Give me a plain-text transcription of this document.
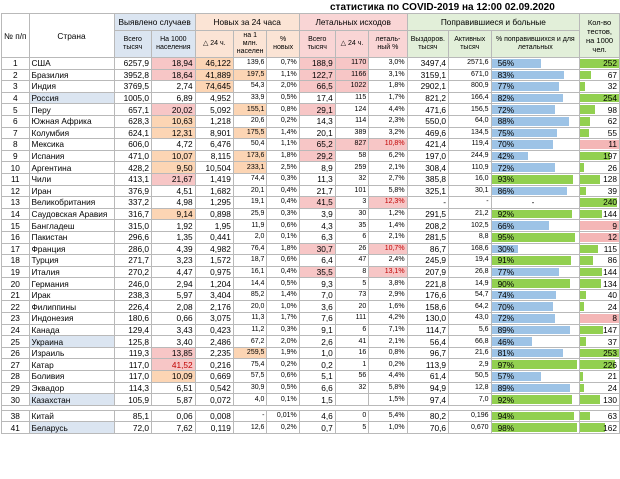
статистика по COVID-2019 на 12:00 02.09.2020
№ п/п	Страна	Выявлено случаев		Новых за 24 часа			Летальных исходов			Поправившиеся и больные			Кол-во тестов, на 1000 чел.
		Всего тысяч	На 1000 населения	△ 24 ч.	на 1 млн. населен	% новых	Всего тысяч	△ 24 ч.	леталь-ный %	Выздоров. тысяч	Активных тысяч	% поправившихся и для летальных	
1	США	6257,9	18,94	46,122	139,6	0,7%	188,9	1170	3,0%	3497,4	2571,6	56%	252

2	Бразилия	3952,8	18,64	41,889	197,5	1,1%	122,7	1166	3,1%	3159,1	671,0	83%	67

3	Индия	3769,5	2,74	74,645	54,3	2,0%	66,5	1022	1,8%	2902,1	800,9	77%	32

4	Россия	1005,0	6,89	4,952	33,9	0,5%	17,4	115	1,7%	821,2	166,4	82%	254

5	Перу	657,1	20,02	5,092	155,1	0,8%	29,1	124	4,4%	471,6	156,5	72%	98

6	Южная Африка	628,3	10,63	1,218	20,6	0,2%	14,3	114	2,3%	550,0	64,0	88%	62

7	Колумбия	624,1	12,31	8,901	175,5	1,4%	20,1	389	3,2%	469,6	134,5	75%	55

8	Мексика	606,0	4,72	6,476	50,4	1,1%	65,2	827	10,8%	421,4	119,4	70%	11

9	Испания	471,0	10,07	8,115	173,6	1,8%	29,2	58	6,2%	197,0	244,9	42%	197

10	Аргентина	428,2	9,50	10,504	233,1	2,5%	8,9	259	2,1%	308,4	110,9	72%	26

11	Чили	413,1	21,67	1,419	74,4	0,3%	11,3	32	2,7%	385,8	16,0	93%	128

12	Иран	376,9	4,51	1,682	20,1	0,4%	21,7	101	5,8%	325,1	30,1	86%	39

13	Великобритания	337,2	4,98	1,295	19,1	0,4%	41,5	3	12,3%	-	-	-	240

14	Саудовская Аравия	316,7	9,14	0,898	25,9	0,3%	3,9	30	1,2%	291,5	21,2	92%	144

15	Бангладеш	315,0	1,92	1,95	11,9	0,6%	4,3	35	1,4%	208,2	102,5	66%	9

16	Пакистан	296,6	1,35	0,441	2,0	0,1%	6,3	6	2,1%	281,5	8,8	95%	12

17	Франция	286,0	4,39	4,982	76,4	1,8%	30,7	26	10,7%	86,7	168,6	30%	115

18	Турция	271,7	3,23	1,572	18,7	0,6%	6,4	47	2,4%	245,9	19,4	91%	86

19	Италия	270,2	4,47	0,975	16,1	0,4%	35,5	8	13,1%	207,9	26,8	77%	144

20	Германия	246,0	2,94	1,204	14,4	0,5%	9,3	5	3,8%	221,8	14,9	90%	134

21	Ирак	238,3	5,97	3,404	85,2	1,4%	7,0	73	2,9%	176,6	54,7	74%	40

22	Филиппины	226,4	2,08	2,176	20,0	1,0%	3,6	20	1,6%	158,6	64,2	70%	24

23	Индонезия	180,6	0,66	3,075	11,3	1,7%	7,6	111	4,2%	130,0	43,0	72%	8

24	Канада	129,4	3,43	0,423	11,2	0,3%	9,1	6	7,1%	114,7	5,6	89%	147

25	Украина	125,8	3,40	2,486	67,2	2,0%	2,6	41	2,1%	56,4	66,8	46%	37

26	Израиль	119,3	13,85	2,235	259,5	1,9%	1,0	16	0,8%	96,7	21,6	81%	253

27	Катар	117,0	41,52	0,216	75,4	0,2%	0,2	1	0,2%	113,9	2,9	97%	226

28	Боливия	117,0	10,09	0,669	57,5	0,6%	5,1	56	4,4%	61,4	50,5	57%	21

29	Эквадор	114,3	6,51	0,542	30,9	0,5%	6,6	32	5,8%	94,9	12,8	89%	24

30	Казахстан	105,9	5,87	0,072	4,0	0,1%	1,5		1,5%	97,4	7,0	92%	130

38	Китай	85,1	0,06	0,008	-	0,01%	4,6	0	5,4%	80,2	0,196	94%	63

41	Беларусь	72,0	7,62	0,119	12,6	0,2%	0,7	5	1,0%	70,6	0,670	98%	162
